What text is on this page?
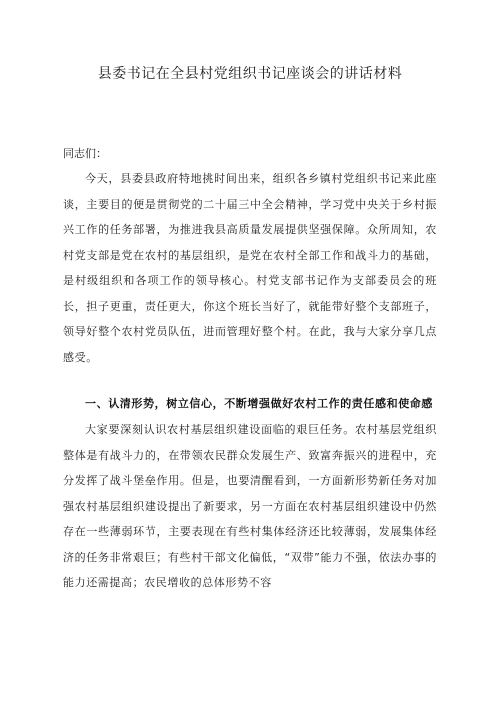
县委书记在全县村党组织书记座谈会的讲话材料
同志们：

今天，县委县政府特地挑时间出来，组织各乡镇村党组织书记来此座谈，主要目的便是贯彻党的二十届三中全会精神，学习党中央关于乡村振兴工作的任务部署，为推进我县高质量发展提供坚强保障。众所周知，农村党支部是党在农村的基层组织，是党在农村全部工作和战斗力的基础，是村级组织和各项工作的领导核心。村党支部书记作为支部委员会的班长，担子更重，责任更大，你这个班长当好了，就能带好整个支部班子，领导好整个农村党员队伍，进而管理好整个村。在此，我与大家分享几点感受。

一、认清形势，树立信心，不断增强做好农村工作的责任感和使命感

大家要深刻认识农村基层组织建设面临的艰巨任务。农村基层党组织整体是有战斗力的，在带领农民群众发展生产、致富奔振兴的进程中，充分发挥了战斗堡垒作用。但是，也要清醒看到，一方面新形势新任务对加强农村基层组织建设提出了新要求，另一方面在农村基层组织建设中仍然存在一些薄弱环节，主要表现在有些村集体经济还比较薄弱，发展集体经济的任务非常艰巨；有些村干部文化偏低，“双带”能力不强，依法办事的能力还需提高；农民增收的总体形势不容
